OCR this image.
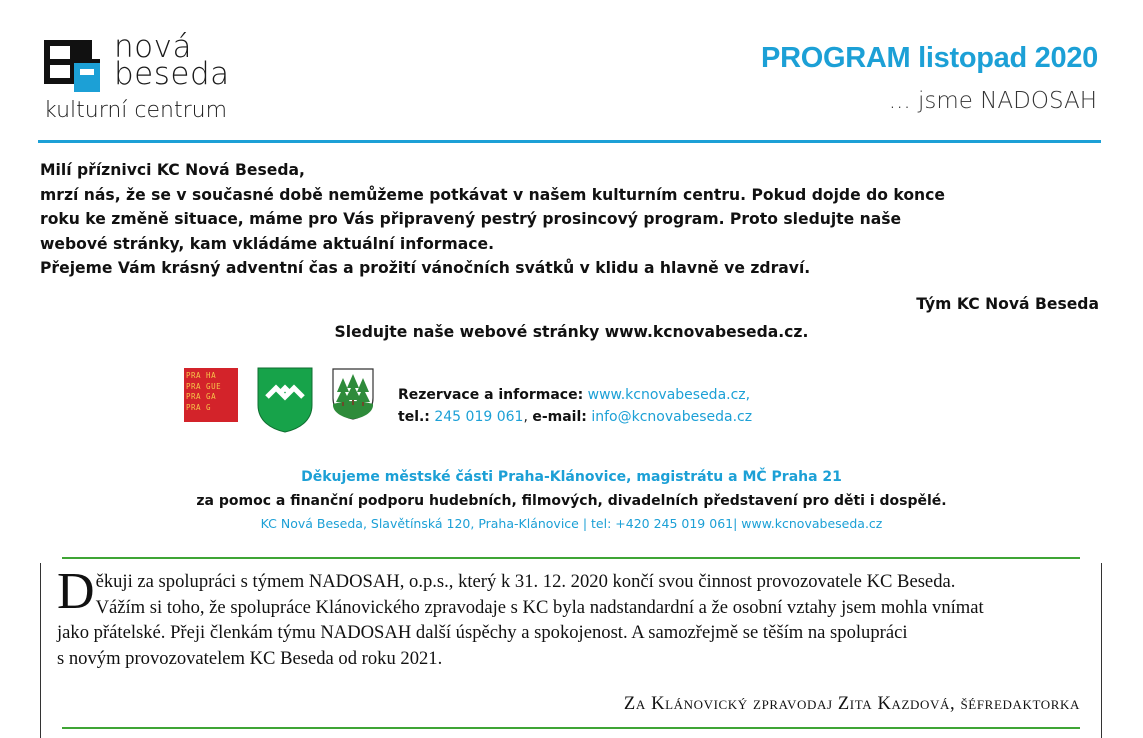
nová
beseda
kulturní centrum
PROGRAM listopad 2020
... jsme NADOSAH

Milí příznivci KC Nová Beseda,

mrzí nás, že se v současné době nemůžeme potkávat v našem kulturním centru. Pokud dojde do konce

roku ke změně situace, máme pro Vás připravený pestrý prosincový program. Proto sledujte naše

webové stránky, kam vkládáme aktuální informace.

Přejeme Vám krásný adventní čas a prožití vánočních svátků v klidu a hlavně ve zdraví.

Tým KC Nová Beseda
Sledujte naše webové stránky www.kcnovabeseda.cz.
PRA HA
PRA GUE
PRA GA
PRA G
Rezervace a informace: www.kcnovabeseda.cz,
tel.: 245 019 061, e-mail: info@kcnovabeseda.cz
Děkujeme městské části Praha-Klánovice, magistrátu a MČ Praha 21
za pomoc a finanční podporu hudebních, filmových, divadelních představení pro děti i dospělé.
KC Nová Beseda, Slavětínská 120, Praha-Klánovice | tel: +420 245 019 061| www.kcnovabeseda.cz

Děkuji za spolupráci s týmem NADOSAH, o.p.s., který k 31. 12. 2020 končí svou činnost provozovatele KC Beseda.

Vážím si toho, že spolupráce Klánovického zpravodaje s KC byla nadstandardní a že osobní vztahy jsem mohla vnímat

jako přátelské. Přeji členkám týmu NADOSAH další úspěchy a spokojenost. A samozřejmě se těším na spolupráci

s novým provozovatelem KC Beseda od roku 2021.

Za Klánovický zpravodaj Zita Kazdová, šéfredaktorka
